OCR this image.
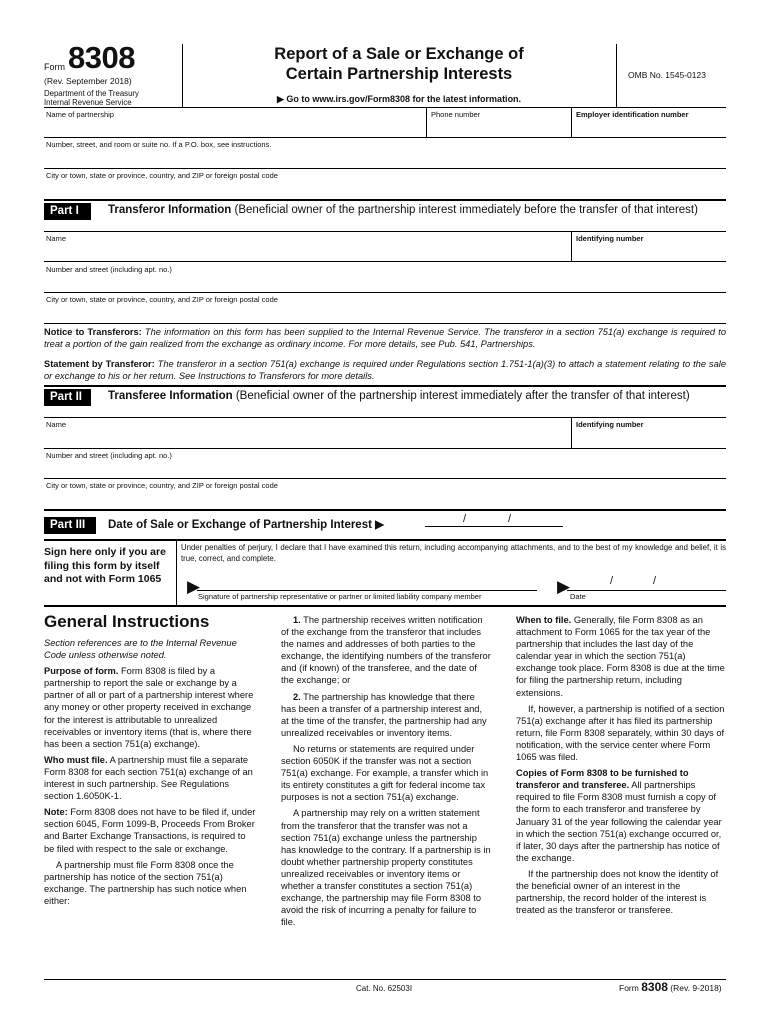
Form 8308
(Rev. September 2018)
Department of the Treasury
Internal Revenue Service
Report of a Sale or Exchange of
Certain Partnership Interests
▶ Go to www.irs.gov/Form8308 for the latest information.
OMB No. 1545-0123
Name of partnership	Phone number	Employer identification number
Number, street, and room or suite no. If a P.O. box, see instructions.
City or town, state or province, country, and ZIP or foreign postal code
Part I	Transferor Information (Beneficial owner of the partnership interest immediately before the transfer of that interest)
Name	Identifying number
Number and street (including apt. no.)
City or town, state or province, country, and ZIP or foreign postal code
Notice to Transferors: The information on this form has been supplied to the Internal Revenue Service. The transferor in a section 751(a) exchange is required to treat a portion of the gain realized from the exchange as ordinary income. For more details, see Pub. 541, Partnerships.
Statement by Transferor: The transferor in a section 751(a) exchange is required under Regulations section 1.751-1(a)(3) to attach a statement relating to the sale or exchange to his or her return. See Instructions to Transferors for more details.
Part II	Transferee Information (Beneficial owner of the partnership interest immediately after the transfer of that interest)
Name	Identifying number
Number and street (including apt. no.)
City or town, state or province, country, and ZIP or foreign postal code
Part III	Date of Sale or Exchange of Partnership Interest ▶	/	/
Sign here only if you are filing this form by itself and not with Form 1065
Under penalties of perjury, I declare that I have examined this return, including accompanying attachments, and to the best of my knowledge and belief, it is true, correct, and complete.
▶
Signature of partnership representative or partner or limited liability company member
▶	/	/
Date
General Instructions

Section references are to the Internal Revenue Code unless otherwise noted.

Purpose of form. Form 8308 is filed by a partnership to report the sale or exchange by a partner of all or part of a partnership interest where any money or other property received in exchange for the interest is attributable to unrealized receivables or inventory items (that is, where there has been a section 751(a) exchange).

Who must file. A partnership must file a separate Form 8308 for each section 751(a) exchange of an interest in such partnership. See Regulations section 1.6050K-1.

Note: Form 8308 does not have to be filed if, under section 6045, Form 1099-B, Proceeds From Broker and Barter Exchange Transactions, is required to be filed with respect to the sale or exchange.

A partnership must file Form 8308 once the partnership has notice of the section 751(a) exchange. The partnership has such notice when either:

1. The partnership receives written notification of the exchange from the transferor that includes the names and addresses of both parties to the exchange, the identifying numbers of the transferor and (if known) of the transferee, and the date of the exchange; or

2. The partnership has knowledge that there has been a transfer of a partnership interest and, at the time of the transfer, the partnership had any unrealized receivables or inventory items.

No returns or statements are required under section 6050K if the transfer was not a section 751(a) exchange. For example, a transfer which in its entirety constitutes a gift for federal income tax purposes is not a section 751(a) exchange.

A partnership may rely on a written statement from the transferor that the transfer was not a section 751(a) exchange unless the partnership has knowledge to the contrary. If a partnership is in doubt whether partnership property constitutes unrealized receivables or inventory items or whether a transfer constitutes a section 751(a) exchange, the partnership may file Form 8308 to avoid the risk of incurring a penalty for failure to file.

When to file. Generally, file Form 8308 as an attachment to Form 1065 for the tax year of the partnership that includes the last day of the calendar year in which the section 751(a) exchange took place. Form 8308 is due at the time for filing the partnership return, including extensions.

If, however, a partnership is notified of a section 751(a) exchange after it has filed its partnership return, file Form 8308 separately, within 30 days of notification, with the service center where Form 1065 was filed.

Copies of Form 8308 to be furnished to transferor and transferee. All partnerships required to file Form 8308 must furnish a copy of the form to each transferor and transferee by January 31 of the year following the calendar year in which the section 751(a) exchange occurred or, if later, 30 days after the partnership has notice of the exchange.

If the partnership does not know the identity of the beneficial owner of an interest in the partnership, the record holder of the interest is treated as the transferor or transferee.

Cat. No. 62503I	Form 8308 (Rev. 9-2018)
